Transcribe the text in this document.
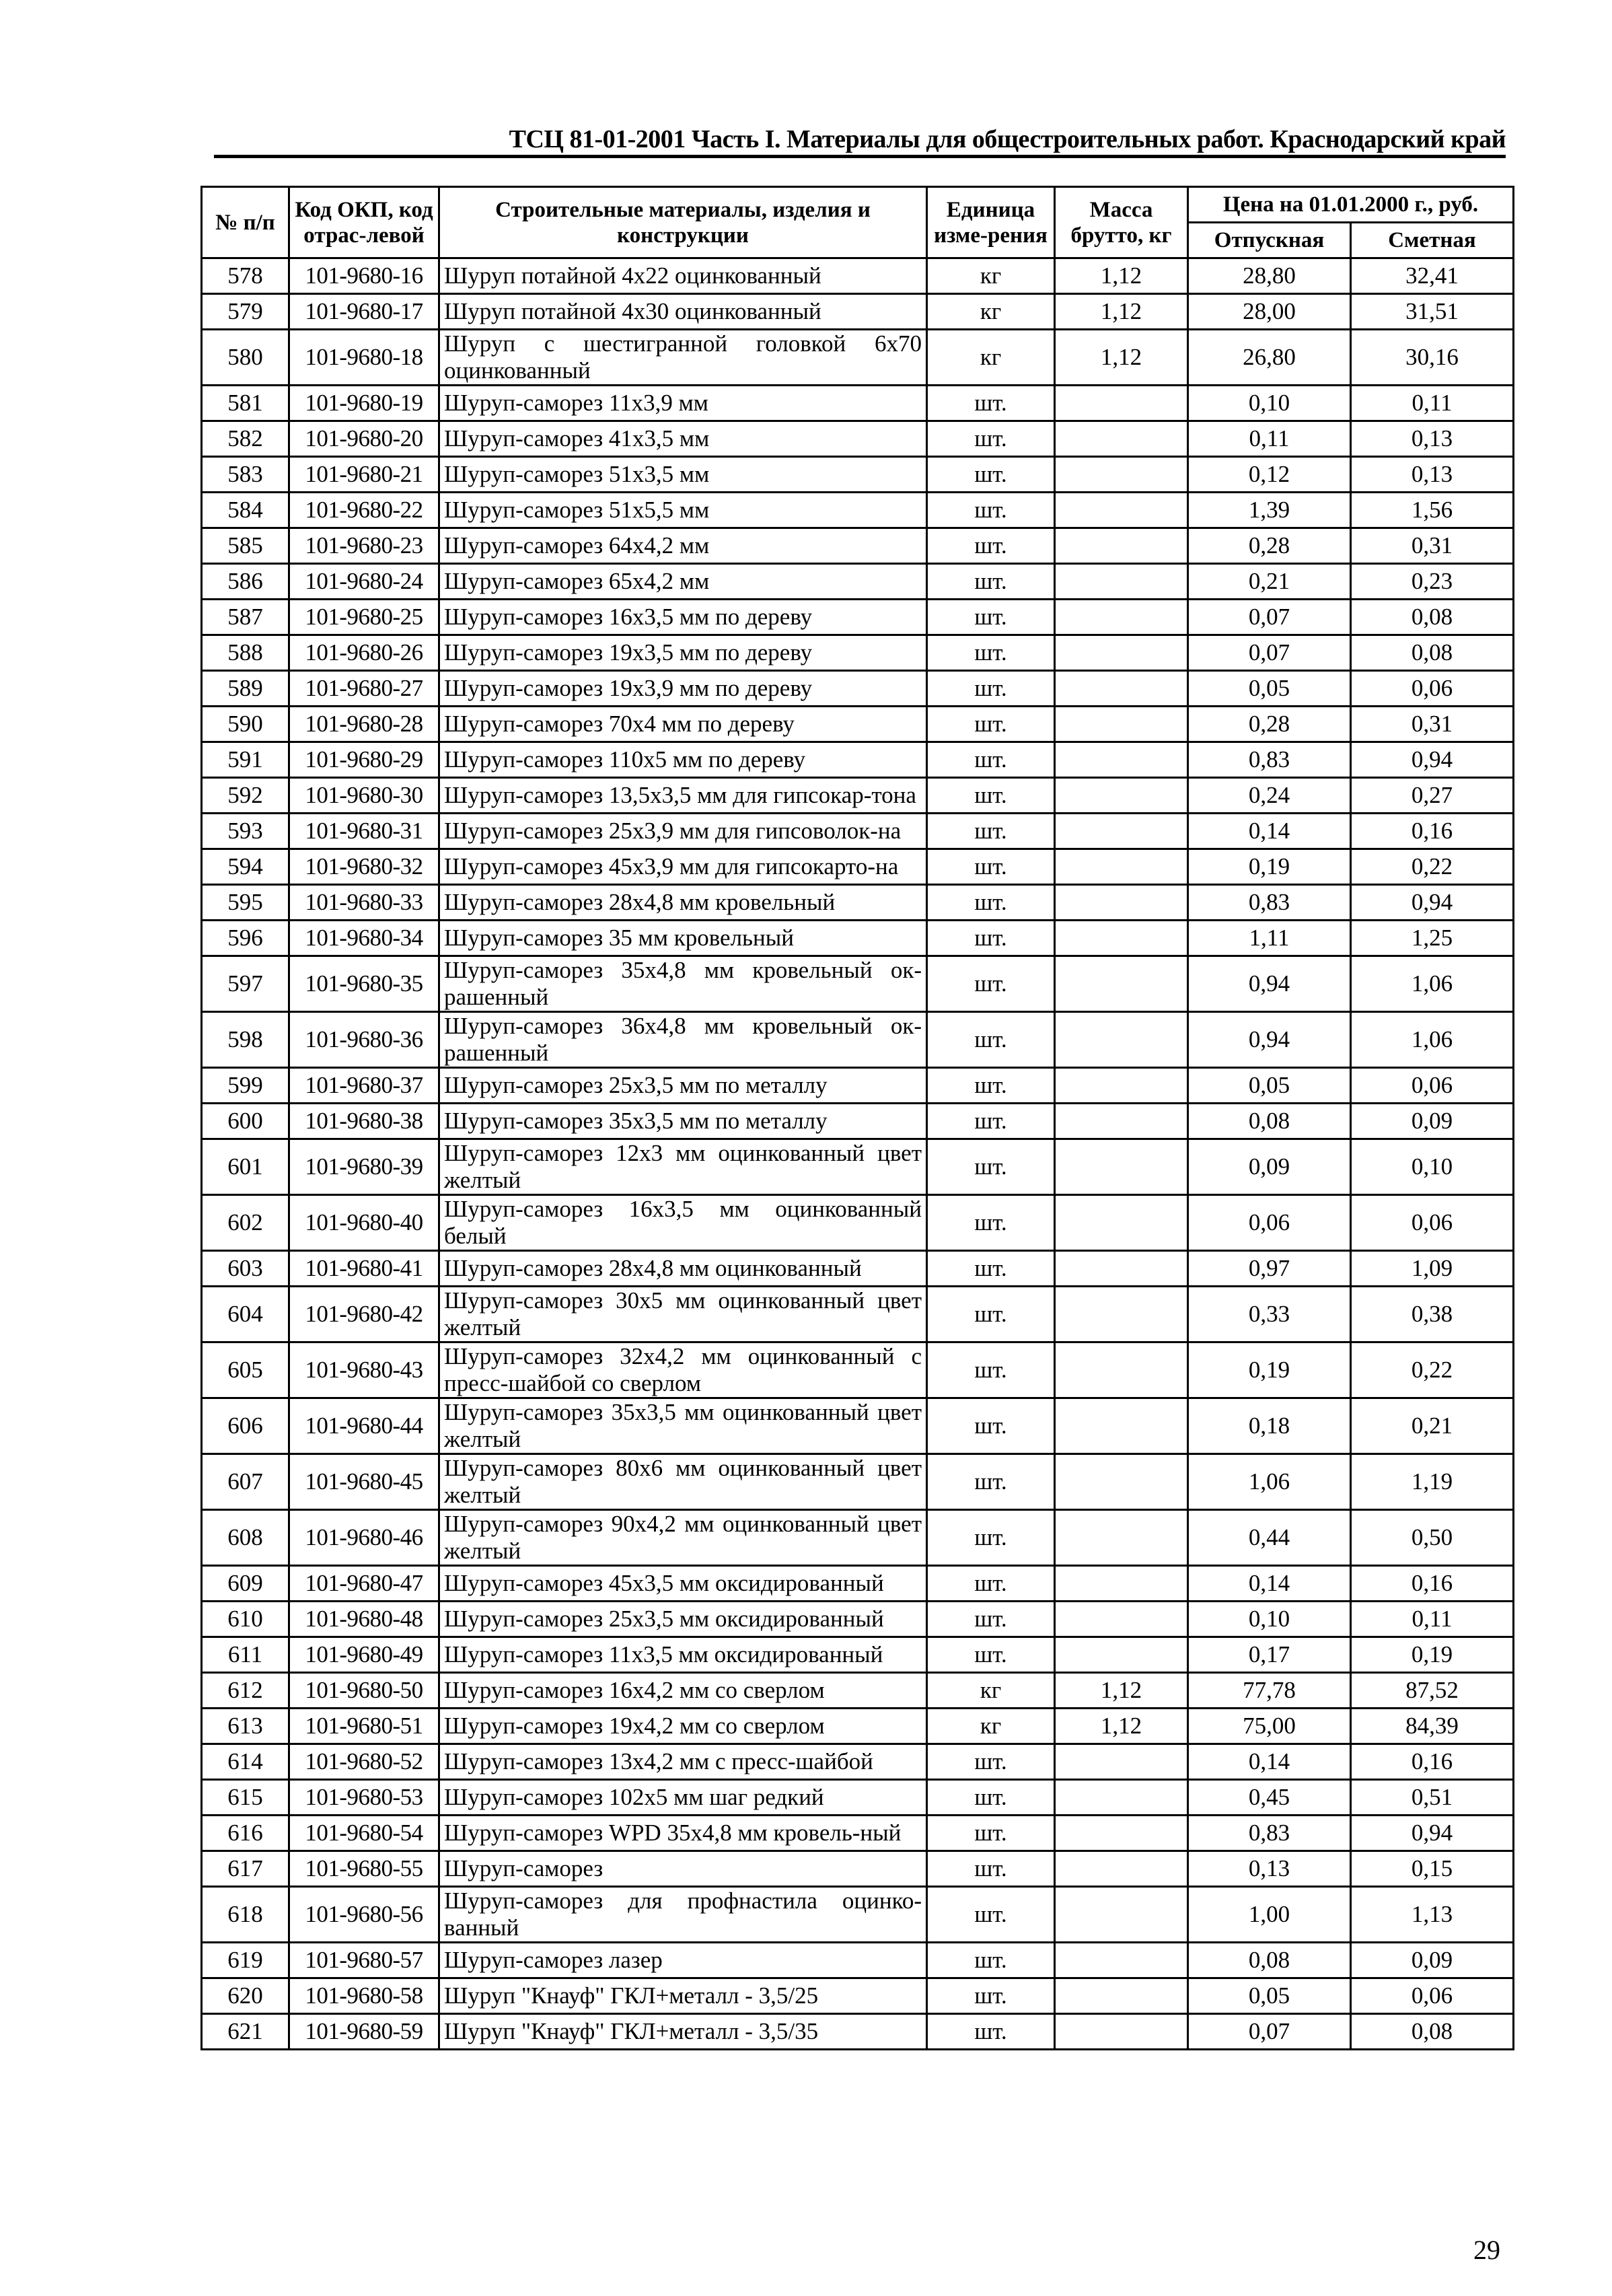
ТСЦ 81-01-2001 Часть I. Материалы для общестроительных работ. Краснодарский край
№ п/п	Код ОКП, код отрас-левой	Строительные материалы, изделия и конструкции	Единица изме-рения	Масса брутто, кг	Цена на 01.01.2000 г., руб.	
					Отпускная	Сметная
578	101-9680-16	Шуруп потайной 4х22 оцинкованный	кг	1,12	28,80	32,41
579	101-9680-17	Шуруп потайной 4х30 оцинкованный	кг	1,12	28,00	31,51
580	101-9680-18	Шуруп с шестигранной головкой 6х70 оцинкованный	кг	1,12	26,80	30,16
581	101-9680-19	Шуруп-саморез 11х3,9 мм	шт.		0,10	0,11
582	101-9680-20	Шуруп-саморез 41х3,5 мм	шт.		0,11	0,13
583	101-9680-21	Шуруп-саморез 51х3,5 мм	шт.		0,12	0,13
584	101-9680-22	Шуруп-саморез 51х5,5 мм	шт.		1,39	1,56
585	101-9680-23	Шуруп-саморез 64х4,2 мм	шт.		0,28	0,31
586	101-9680-24	Шуруп-саморез 65х4,2 мм	шт.		0,21	0,23
587	101-9680-25	Шуруп-саморез 16х3,5 мм по дереву	шт.		0,07	0,08
588	101-9680-26	Шуруп-саморез 19х3,5 мм по дереву	шт.		0,07	0,08
589	101-9680-27	Шуруп-саморез 19х3,9 мм по дереву	шт.		0,05	0,06
590	101-9680-28	Шуруп-саморез 70х4 мм по дереву	шт.		0,28	0,31
591	101-9680-29	Шуруп-саморез 110х5 мм по дереву	шт.		0,83	0,94
592	101-9680-30	Шуруп-саморез 13,5х3,5 мм для гипсокар-тона	шт.		0,24	0,27
593	101-9680-31	Шуруп-саморез 25х3,9 мм для гипсоволок-на	шт.		0,14	0,16
594	101-9680-32	Шуруп-саморез 45х3,9 мм для гипсокарто-на	шт.		0,19	0,22
595	101-9680-33	Шуруп-саморез 28х4,8 мм кровельный	шт.		0,83	0,94
596	101-9680-34	Шуруп-саморез 35 мм кровельный	шт.		1,11	1,25
597	101-9680-35	Шуруп-саморез 35х4,8 мм кровельный ок-рашенный	шт.		0,94	1,06
598	101-9680-36	Шуруп-саморез 36х4,8 мм кровельный ок-рашенный	шт.		0,94	1,06
599	101-9680-37	Шуруп-саморез 25х3,5 мм по металлу	шт.		0,05	0,06
600	101-9680-38	Шуруп-саморез 35х3,5 мм по металлу	шт.		0,08	0,09
601	101-9680-39	Шуруп-саморез 12х3 мм оцинкованный цвет желтый	шт.		0,09	0,10
602	101-9680-40	Шуруп-саморез 16х3,5 мм оцинкованный белый	шт.		0,06	0,06
603	101-9680-41	Шуруп-саморез 28х4,8 мм оцинкованный	шт.		0,97	1,09
604	101-9680-42	Шуруп-саморез 30х5 мм оцинкованный цвет желтый	шт.		0,33	0,38
605	101-9680-43	Шуруп-саморез 32х4,2 мм оцинкованный с пресс-шайбой со сверлом	шт.		0,19	0,22
606	101-9680-44	Шуруп-саморез 35х3,5 мм оцинкованный цвет желтый	шт.		0,18	0,21
607	101-9680-45	Шуруп-саморез 80х6 мм оцинкованный цвет желтый	шт.		1,06	1,19
608	101-9680-46	Шуруп-саморез 90х4,2 мм оцинкованный цвет желтый	шт.		0,44	0,50
609	101-9680-47	Шуруп-саморез 45х3,5 мм оксидированный	шт.		0,14	0,16
610	101-9680-48	Шуруп-саморез 25х3,5 мм оксидированный	шт.		0,10	0,11
611	101-9680-49	Шуруп-саморез 11х3,5 мм оксидированный	шт.		0,17	0,19
612	101-9680-50	Шуруп-саморез 16х4,2 мм со сверлом	кг	1,12	77,78	87,52
613	101-9680-51	Шуруп-саморез 19х4,2 мм со сверлом	кг	1,12	75,00	84,39
614	101-9680-52	Шуруп-саморез 13х4,2 мм с пресс-шайбой	шт.		0,14	0,16
615	101-9680-53	Шуруп-саморез 102х5 мм шаг редкий	шт.		0,45	0,51
616	101-9680-54	Шуруп-саморез WPD 35х4,8 мм кровель-ный	шт.		0,83	0,94
617	101-9680-55	Шуруп-саморез	шт.		0,13	0,15
618	101-9680-56	Шуруп-саморез для профнастила оцинко-ванный	шт.		1,00	1,13
619	101-9680-57	Шуруп-саморез лазер	шт.		0,08	0,09
620	101-9680-58	Шуруп "Кнауф" ГКЛ+металл - 3,5/25	шт.		0,05	0,06
621	101-9680-59	Шуруп "Кнауф" ГКЛ+металл - 3,5/35	шт.		0,07	0,08
29
